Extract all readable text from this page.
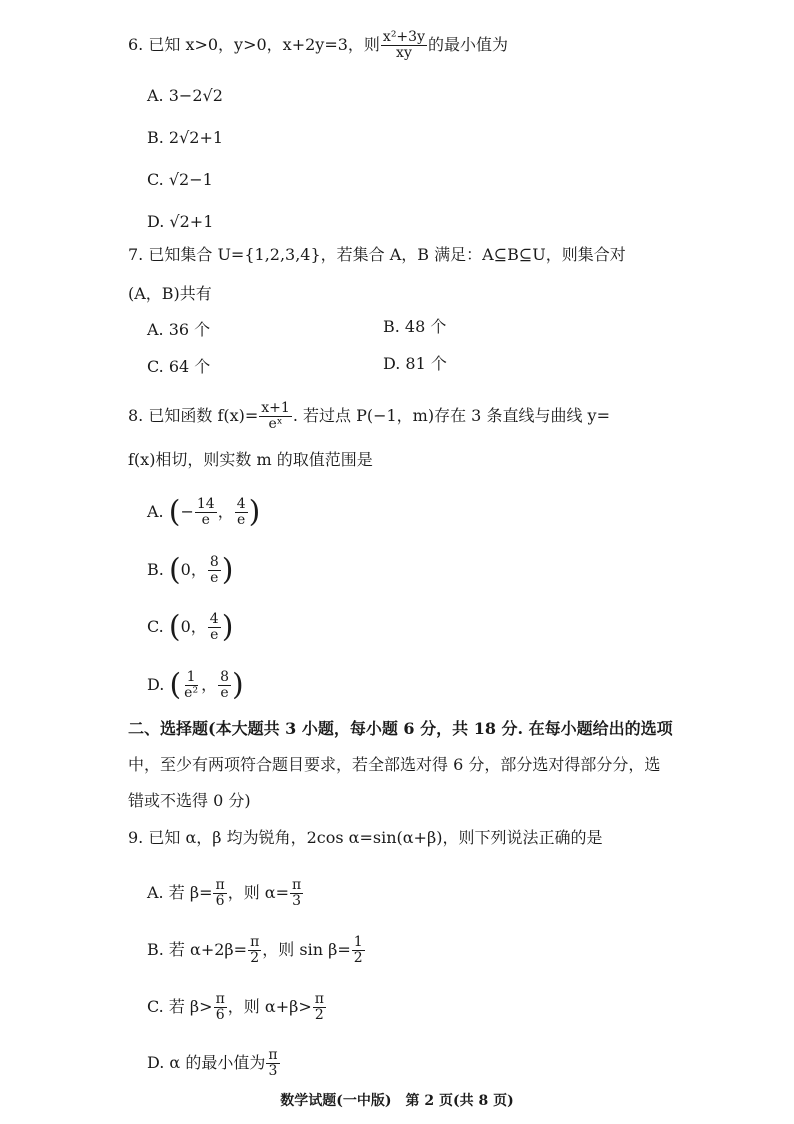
6. 已知 x>0，y>0，x+2y=3，则 $\frac{\text{x²+3y}}{xy}$ 的最小值为
A. 3−2√2
B. 2√2+1
C. √2−1
D. √2+1
7. 已知集合 U={1,2,3,4}，若集合 A，B 满足：A⊆B⊆U，则集合对
(A，B)共有
A. 36 个	B. 48 个
C. 64 个	D. 81 个
8. 已知函数 $f(x)= \frac{x+1}{\text{eˣ}}$ . 若过点 P(−1，m)存在 3 条直线与曲线 y=
f(x)相切，则实数 m 的取值范围是
A. (− $\frac{14}{e}$ ， $\frac{4}{e}$ )
B. (0， $\frac{8}{e}$ )
C. (0， $\frac{4}{e}$ )
D. ( $\frac{1}{\text{e²}}$ ， $\frac{8}{e}$ )
二、选择题(本大题共 3 小题，每小题 6 分，共 18 分. 在每小题给出的选项
中，至少有两项符合题目要求，若全部选对得 6 分，部分选对得部分分，选
错或不选得 0 分)
9. 已知 α，β 均为锐角，2cos α=sin(α+β)，则下列说法正确的是
A. 若 $\beta= \frac{\pi}{6}$ ，则 $\alpha= \frac{\pi}{3}$
B. 若 $\alpha+2\beta= \frac{\pi}{2}$ ，则 $\sin \beta= \frac{1}{2}$
C. 若 $\beta> \frac{\pi}{6}$ ，则 $\alpha+\beta> \frac{\pi}{2}$
D. α 的最小值为 $\frac{\pi}{3}$
数学试题(一中版)　第 2 页(共 8 页)
